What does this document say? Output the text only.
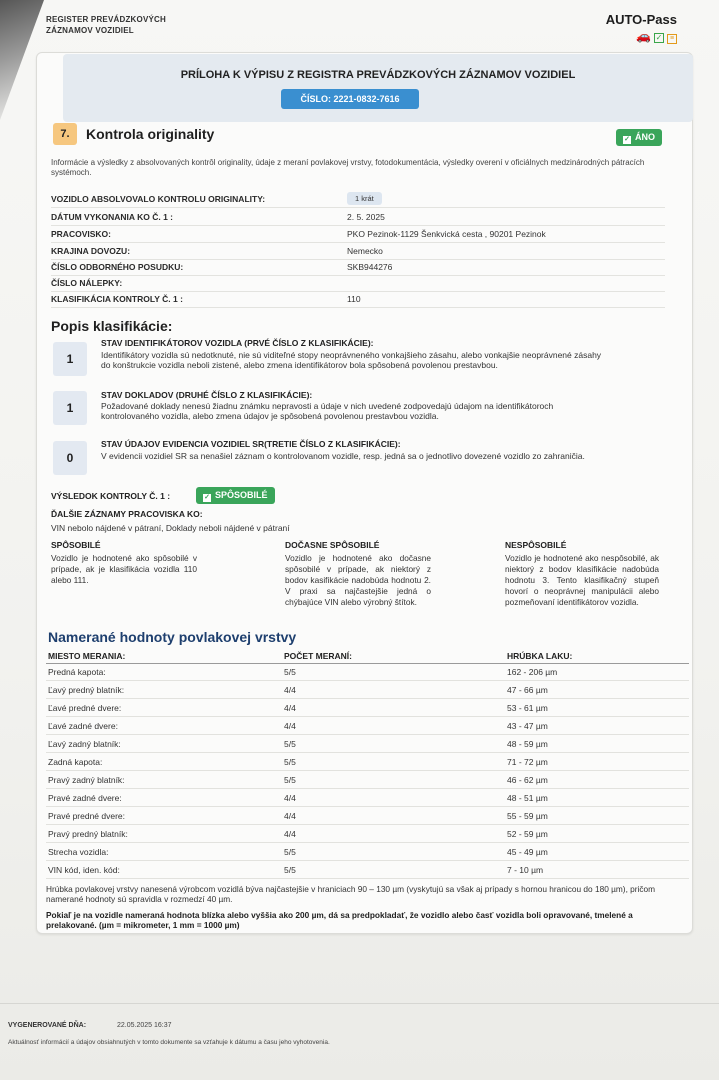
REGISTER PREVÁDZKOVÝCH
ZÁZNAMOV VOZIDIEL
AUTO-Pass
🚗 ✓ ≡
PRÍLOHA K VÝPISU Z REGISTRA PREVÁDZKOVÝCH ZÁZNAMOV VOZIDIEL
ČÍSLO: 2221-0832-7616
7.	Kontrola originality	✓ ÁNO
Informácie a výsledky z absolvovaných kontrôl originality, údaje z meraní povlakovej vrstvy, fotodokumentácia, výsledky overení v oficiálnych medzinárodných pátracích systémoch.
VOZIDLO ABSOLVOVALO KONTROLU ORIGINALITY:	1 krát
DÁTUM VYKONANIA KO Č. 1 :	2. 5. 2025
PRACOVISKO:	PKO Pezinok-1129 Šenkvická cesta , 90201 Pezinok
KRAJINA DOVOZU:	Nemecko
ČÍSLO ODBORNÉHO POSUDKU:	SKB944276
ČÍSLO NÁLEPKY:
KLASIFIKÁCIA KONTROLY Č. 1 :	110
Popis klasifikácie:
1
STAV IDENTIFIKÁTOROV VOZIDLA (PRVÉ ČÍSLO Z KLASIFIKÁCIE):
Identifikátory vozidla sú nedotknuté, nie sú viditeľné stopy neoprávneného vonkajšieho zásahu, alebo vonkajšie neoprávnené zásahy do konštrukcie vozidla neboli zistené, alebo zmena identifikátorov bola spôsobená povolenou prestavbou.
1
STAV DOKLADOV (DRUHÉ ČÍSLO Z KLASIFIKÁCIE):
Požadované doklady nenesú žiadnu známku nepravosti a údaje v nich uvedené zodpovedajú údajom na identifikátoroch kontrolovaného vozidla, alebo zmena údajov je spôsobená povolenou prestavbou vozidla.
0
STAV ÚDAJOV EVIDENCIA VOZIDIEL SR(TRETIE ČÍSLO Z KLASIFIKÁCIE):
V evidencii vozidiel SR sa nenašiel záznam o kontrolovanom vozidle, resp. jedná sa o jednotlivo dovezené vozidlo zo zahraničia.
VÝSLEDOK KONTROLY Č. 1 :	✓ SPÔSOBILÉ
ĎALŠIE ZÁZNAMY PRACOVISKA KO:
VIN nebolo nájdené v pátraní, Doklady neboli nájdené v pátraní
SPÔSOBILÉ
Vozidlo je hodnotené ako spôsobilé v prípade, ak je klasifikácia vozidla 110 alebo 111.
DOČASNE SPÔSOBILÉ
Vozidlo je hodnotené ako dočasne spôsobilé v prípade, ak niektorý z bodov kasifikácie nadobúda hodnotu 2. V praxi sa najčastejšie jedná o chýbajúce VIN alebo výrobný štítok.
NESPÔSOBILÉ
Vozidlo je hodnotené ako nespôsobilé, ak niektorý z bodov klasifikácie nadobúda hodnotu 3. Tento klasifikačný stupeň hovorí o neoprávnej manipulácii alebo pozmeňovaní identifikátorov vozidla.
Namerané hodnoty povlakovej vrstvy
MIESTO MERANIA:	POČET MERANÍ:	HRÚBKA LAKU:
Predná kapota:	5/5	162 - 206 µm
Ľavý predný blatník:	4/4	47 - 66 µm
Ľavé predné dvere:	4/4	53 - 61 µm
Ľavé zadné dvere:	4/4	43 - 47 µm
Ľavý zadný blatník:	5/5	48 - 59 µm
Zadná kapota:	5/5	71 - 72 µm
Pravý zadný blatník:	5/5	46 - 62 µm
Pravé zadné dvere:	4/4	48 - 51 µm
Pravé predné dvere:	4/4	55 - 59 µm
Pravý predný blatník:	4/4	52 - 59 µm
Strecha vozidla:	5/5	45 - 49 µm
VIN kód, iden. kód:	5/5	7 - 10 µm
Hrúbka povlakovej vrstvy nanesená výrobcom vozidlá býva najčastejšie v hraniciach 90 – 130 µm (vyskytujú sa však aj prípady s hornou hranicou do 180 µm), pričom namerané hodnoty sú spravidla v rozmedzí 40 µm.
Pokiaľ je na vozidle nameraná hodnota blízka alebo vyššia ako 200 µm, dá sa predpokladať, že vozidlo alebo časť vozidla boli opravované, tmelené a prelakované. (µm = mikrometer, 1 mm = 1000 µm)
VYGENEROVANÉ DŇA:	22.05.2025 16:37
Aktuálnosť informácií a údajov obsiahnutých v tomto dokumente sa vzťahuje k dátumu a času jeho vyhotovenia.
